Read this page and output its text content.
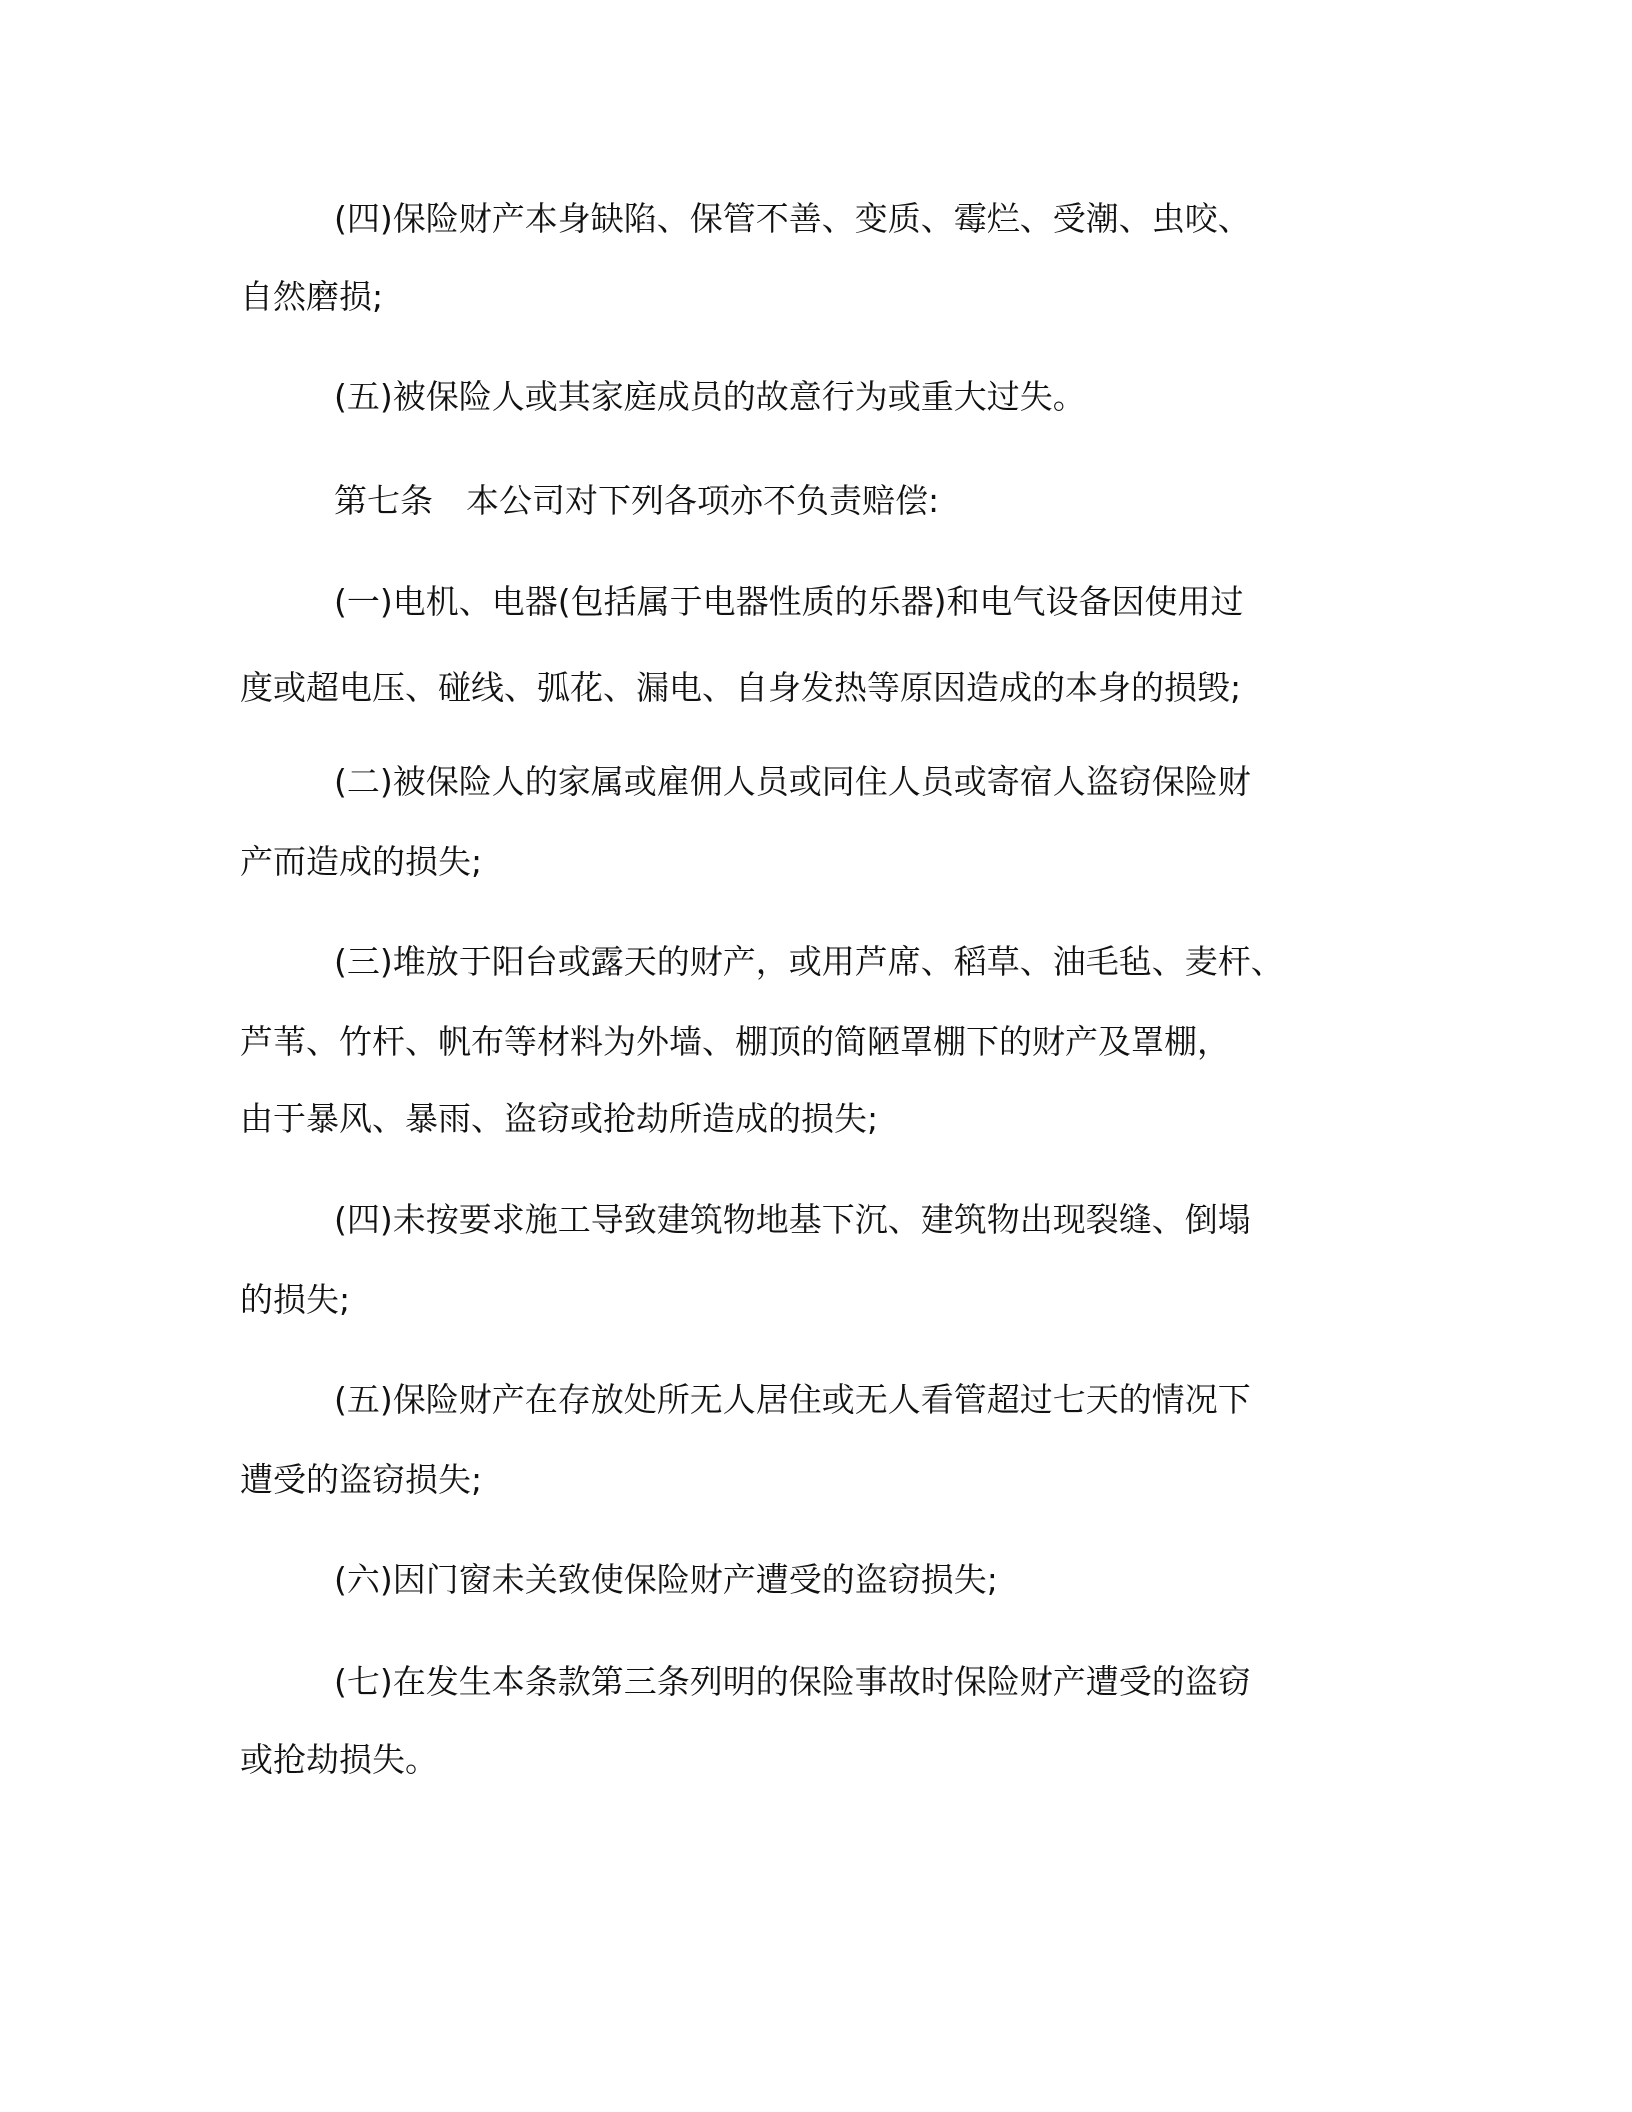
(四)保险财产本身缺陷、保管不善、变质、霉烂、受潮、虫咬、

自然磨损;

(五)被保险人或其家庭成员的故意行为或重大过失。

第七条　本公司对下列各项亦不负责赔偿:

(一)电机、电器(包括属于电器性质的乐器)和电气设备因使用过

度或超电压、碰线、弧花、漏电、自身发热等原因造成的本身的损毁;

(二)被保险人的家属或雇佣人员或同住人员或寄宿人盗窃保险财

产而造成的损失;

(三)堆放于阳台或露天的财产，或用芦席、稻草、油毛毡、麦杆、

芦苇、竹杆、帆布等材料为外墙、棚顶的简陋罩棚下的财产及罩棚，

由于暴风、暴雨、盗窃或抢劫所造成的损失;

(四)未按要求施工导致建筑物地基下沉、建筑物出现裂缝、倒塌

的损失;

(五)保险财产在存放处所无人居住或无人看管超过七天的情况下

遭受的盗窃损失;

(六)因门窗未关致使保险财产遭受的盗窃损失;

(七)在发生本条款第三条列明的保险事故时保险财产遭受的盗窃

或抢劫损失。
